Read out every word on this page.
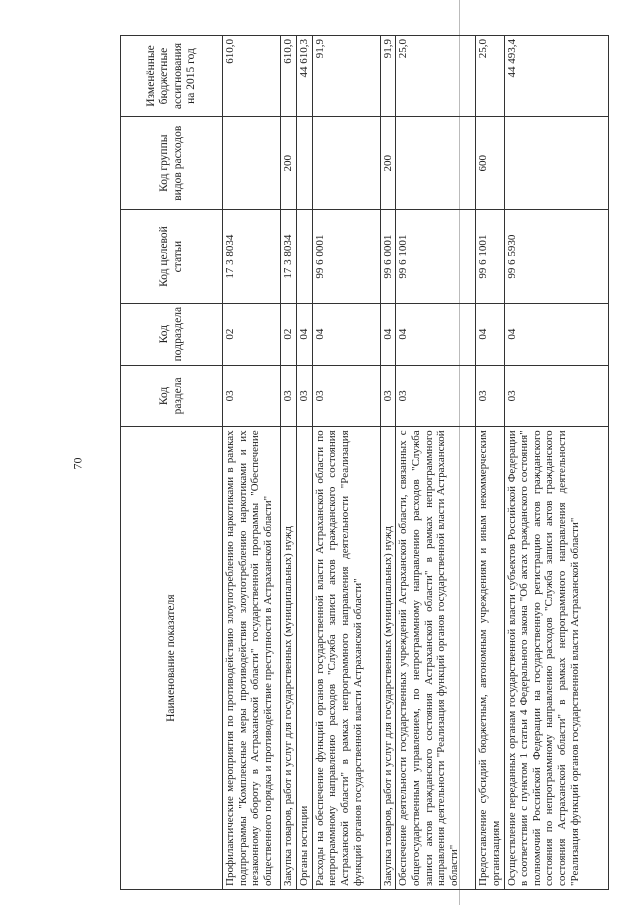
70
Наименование показателя	Код раздела	Код подраздела	Код целевой статьи	Код группы видов расходов	Изменённые бюджетные ассигнования на 2015 год
Профилактические мероприятия по противодействию злоупотреблению наркотиками в рамках подпрограммы "Комплексные меры противодействия злоупотреблению наркотиками и их незаконному обороту в Астраханской области" государственной программы "Обеспечение общественного порядка и противодействие преступности в Астраханской области"	03	02	17 3 8034		610,0
Закупка товаров, работ и услуг для государственных (муниципальных) нужд	03	02	17 3 8034	200	610,0
Органы юстиции	03	04			44 610,3
Расходы на обеспечение функций органов государственной власти Астраханской области по непрограммному направлению расходов "Служба записи актов гражданского состояния Астраханской области" в рамках непрограммного направления деятельности "Реализация функций органов государственной власти Астраханской области"	03	04	99 6 0001		91,9
Закупка товаров, работ и услуг для государственных (муниципальных) нужд	03	04	99 6 0001	200	91,9
Обеспечение деятельности государственных учреждений Астраханской области, связанных с общегосударственным управлением, по непрограммному направлению расходов "Служба записи актов гражданского состояния Астраханской области" в рамках непрограммного направления деятельности "Реализация функций органов государственной власти Астраханской области"	03	04	99 6 1001		25,0
Предоставление субсидий бюджетным, автономным учреждениям и иным некоммерческим организациям	03	04	99 6 1001	600	25,0
Осуществление переданных органам государственной власти субъектов Российской Федерации в соответствии с пунктом 1 статьи 4 Федерального закона "Об актах гражданского состояния" полномочий Российской Федерации на государственную регистрацию актов гражданского состояния по непрограммному направлению расходов "Служба записи актов гражданского состояния Астраханской области" в рамках непрограммного направления деятельности "Реализация функций органов государственной власти Астраханской области"	03	04	99 6 5930		44 493,4
